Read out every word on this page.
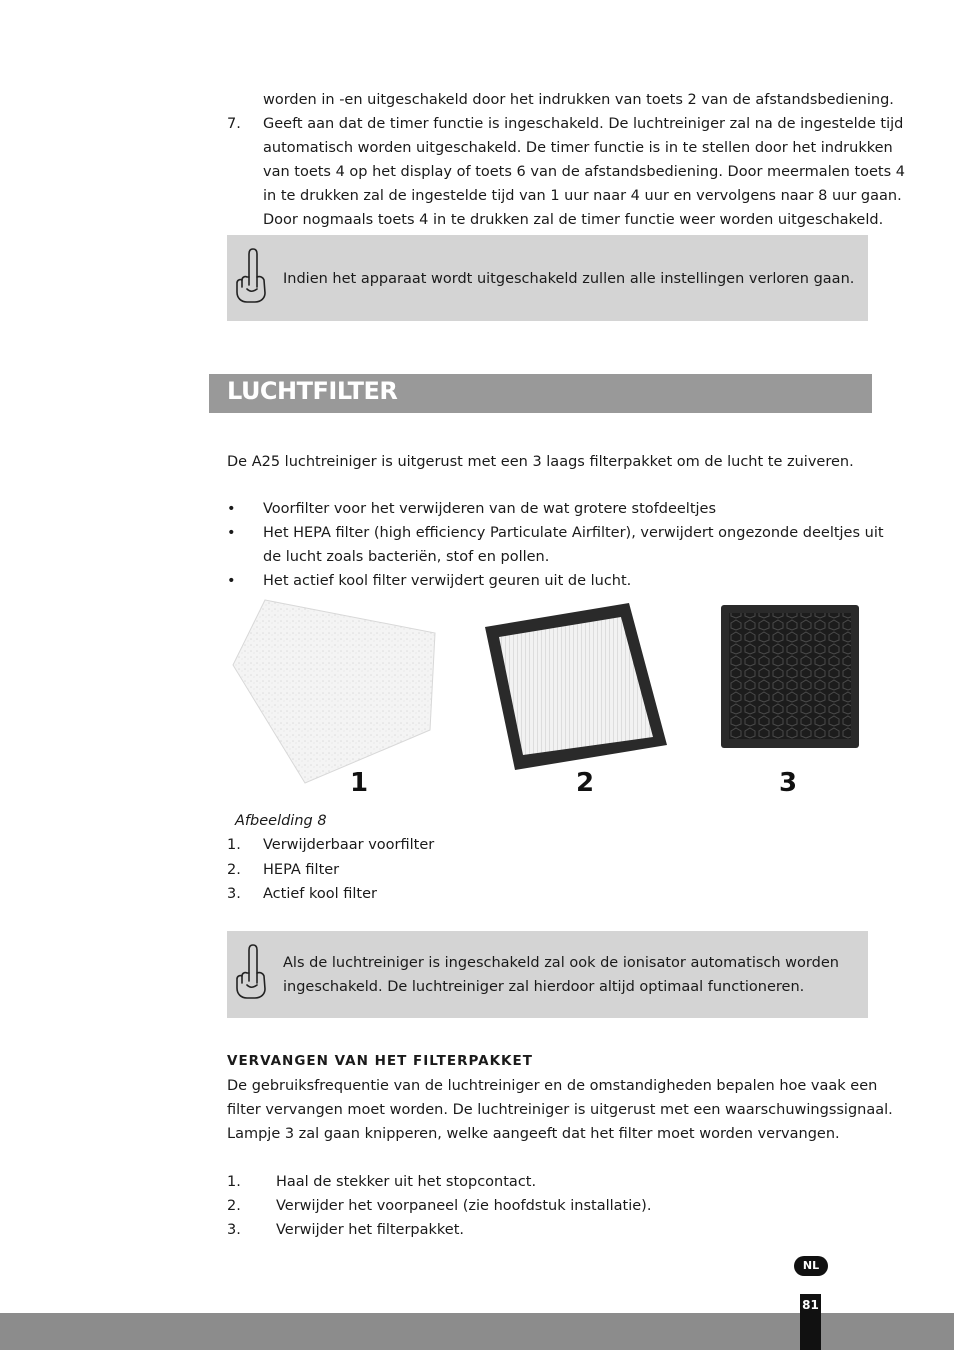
worden in -en uitgeschakeld door het indrukken van toets 2 van de afstandsbediening.
7. Geeft aan dat de timer functie is ingeschakeld. De luchtreiniger zal na de ingestelde tijd
automatisch worden uitgeschakeld. De timer functie is in te stellen door het indrukken
van toets 4 op het display of toets 6 van de afstandsbediening. Door meermalen toets 4
in te drukken zal de ingestelde tijd van 1 uur naar 4 uur en vervolgens naar 8 uur gaan.
Door nogmaals toets 4 in te drukken zal de timer functie weer worden uitgeschakeld.
Indien het apparaat wordt uitgeschakeld zullen alle instellingen verloren gaan.
LUCHTFILTER
De A25 luchtreiniger is uitgerust met een 3 laags filterpakket om de lucht te zuiveren.
• Voorfilter voor het verwijderen van de wat grotere stofdeeltjes
• Het HEPA filter (high efficiency Particulate Airfilter), verwijdert ongezonde deeltjes uit
de lucht zoals bacteriën, stof en pollen.
• Het actief kool filter verwijdert geuren uit de lucht.
1	2	3
Afbeelding 8
1. Verwijderbaar voorfilter
2. HEPA filter
3. Actief kool filter
Als de luchtreiniger is ingeschakeld zal ook de ionisator automatisch worden
ingeschakeld. De luchtreiniger zal hierdoor altijd optimaal functioneren.
VERVANGEN VAN HET FILTERPAKKET
De gebruiksfrequentie van de luchtreiniger en de omstandigheden bepalen hoe vaak een
filter vervangen moet worden. De luchtreiniger is uitgerust met een waarschuwingssignaal.
Lampje 3 zal gaan knipperen, welke aangeeft dat het filter moet worden vervangen.
1. Haal de stekker uit het stopcontact.
2. Verwijder het voorpaneel (zie hoofdstuk installatie).
3. Verwijder het filterpakket.
NL
81
